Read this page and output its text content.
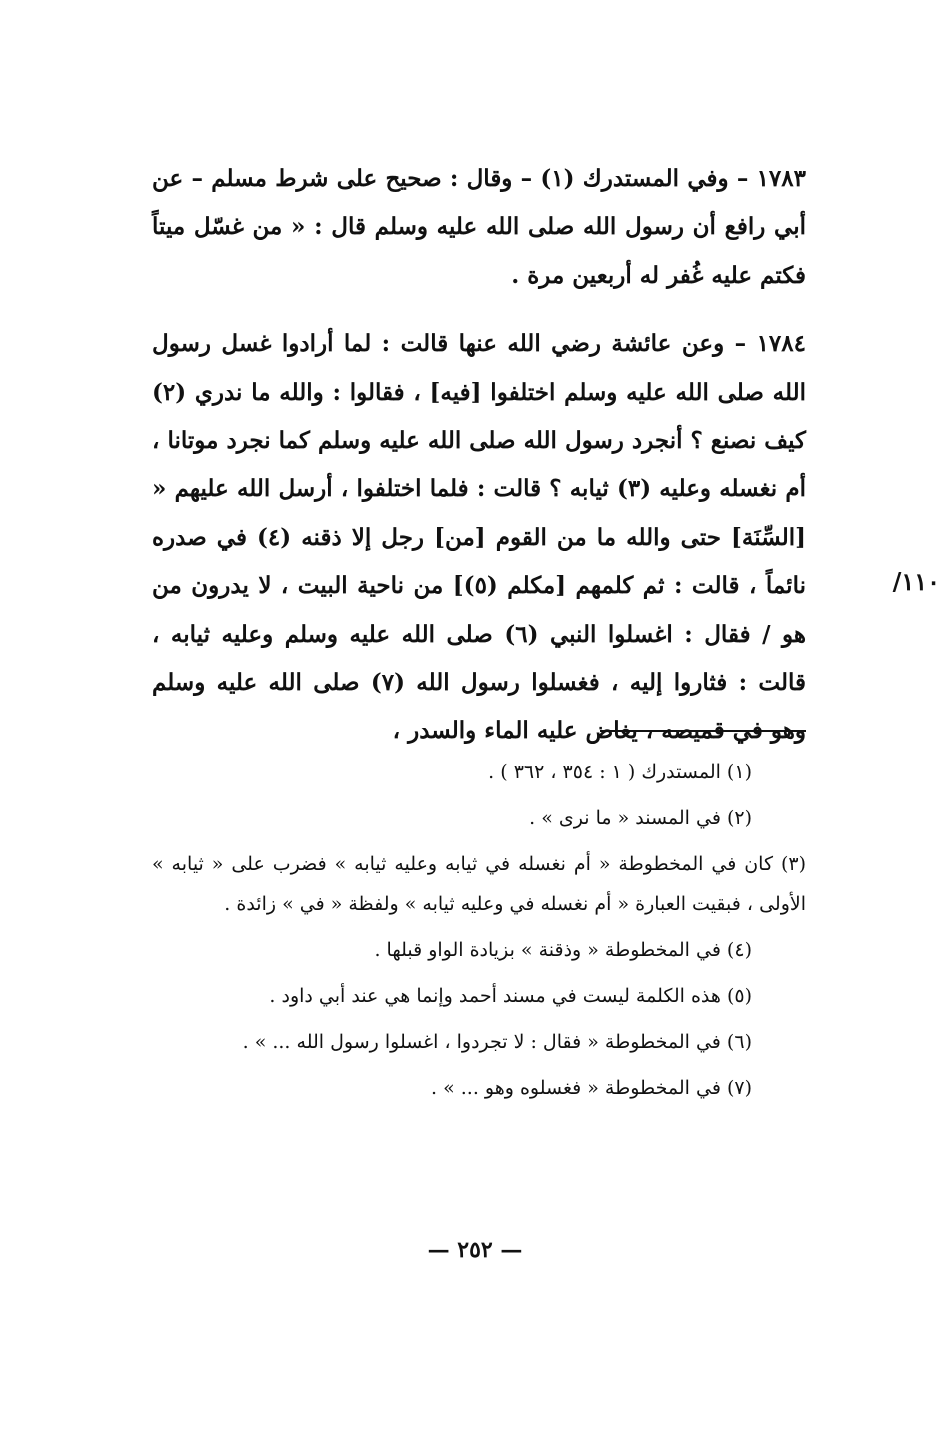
١٧٨٣ – وفي المستدرك (١) – وقال : صحيح على شرط مسلم – عن أبي رافع أن رسول الله صلى الله عليه وسلم قال : « من غسّل ميتاً فكتم عليه غُفر له أربعين مرة .

١٧٨٤ – وعن عائشة رضي الله عنها قالت : لما أرادوا غسل رسول الله صلى الله عليه وسلم اختلفوا [فيه] ، فقالوا : والله ما ندري (٢) كيف نصنع ؟ أنجرد رسول الله صلى الله عليه وسلم كما نجرد موتانا ، أم نغسله وعليه (٣) ثيابه ؟ قالت : فلما اختلفوا ، أرسل الله عليهم « [السِّنَة] حتى والله ما من القوم [من] رجل إلا ذقنه (٤) في صدره نائماً ، قالت : ثم كلمهم [مكلم (٥)] من ناحية البيت ، لا يدرون من هو / فقال : اغسلوا النبي (٦) صلى الله عليه وسلم وعليه ثيابه ، قالت : فثاروا إليه ، فغسلوا رسول الله (٧) صلى الله عليه وسلم وهو في قميصه ، يغاض عليه الماء والسدر ،

١١٠/

(١) المستدرك ( ١ : ٣٥٤ ، ٣٦٢ ) .

(٢) في المسند « ما نرى » .

(٣) كان في المخطوطة « أم نغسله في ثيابه وعليه ثيابه » فضرب على « ثيابه » الأولى ، فبقيت العبارة « أم نغسله في وعليه ثيابه » ولفظة « في » زائدة .

(٤) في المخطوطة « وذقنة » بزيادة الواو قبلها .

(٥) هذه الكلمة ليست في مسند أحمد وإنما هي عند أبي داود .

(٦) في المخطوطة « فقال : لا تجردوا ، اغسلوا رسول الله ... » .

(٧) في المخطوطة « فغسلوه وهو ... » .

— ٢٥٢ —
